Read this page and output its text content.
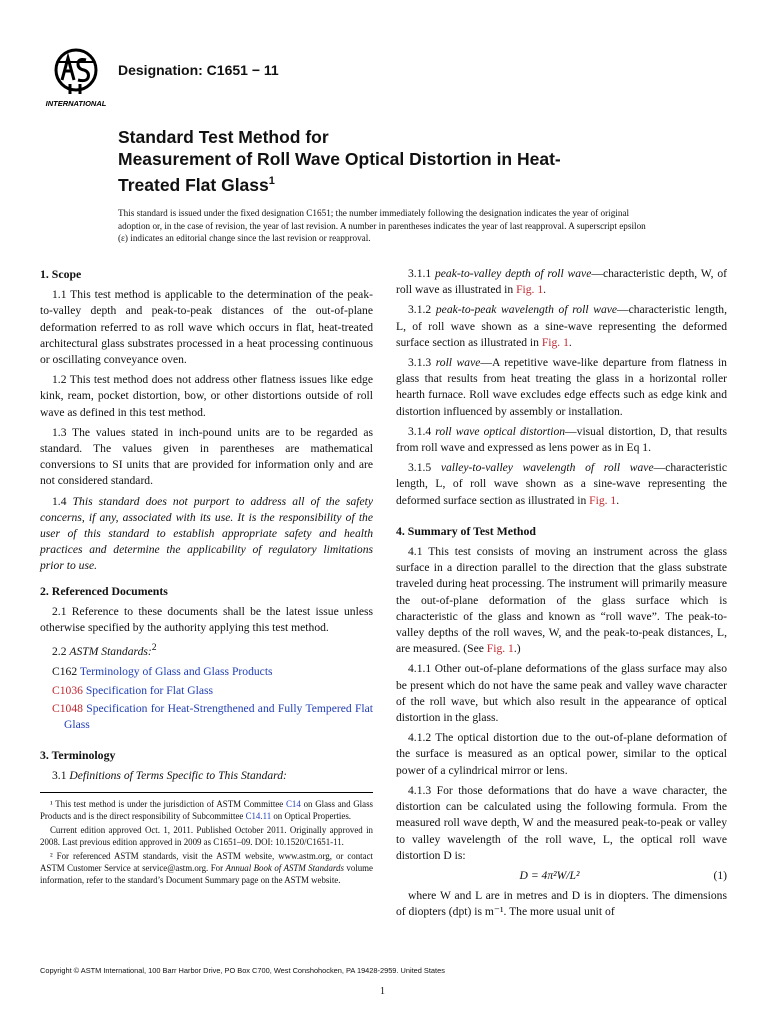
INTERNATIONAL
Designation: C1651 − 11
Standard Test Method for
Measurement of Roll Wave Optical Distortion in Heat-
Treated Flat Glass$^1$
This standard is issued under the fixed designation C1651; the number immediately following the designation indicates the year of original adoption or, in the case of revision, the year of last revision. A number in parentheses indicates the year of last reapproval. A superscript epsilon (ε) indicates an editorial change since the last revision or reapproval.
1. Scope

1.1 This test method is applicable to the determination of the peak-to-valley depth and peak-to-peak distances of the out-of-plane deformation referred to as roll wave which occurs in flat, heat-treated architectural glass substrates processed in a heat processing continuous or oscillating conveyance oven.

1.2 This test method does not address other flatness issues like edge kink, ream, pocket distortion, bow, or other distortions outside of roll wave as defined in this test method.

1.3 The values stated in inch-pound units are to be regarded as standard. The values given in parentheses are mathematical conversions to SI units that are provided for information only and are not considered standard.

1.4 This standard does not purport to address all of the safety concerns, if any, associated with its use. It is the responsibility of the user of this standard to establish appropriate safety and health practices and determine the applicability of regulatory limitations prior to use.

2. Referenced Documents

2.1 Reference to these documents shall be the latest issue unless otherwise specified by the authority applying this test method.

2.2 ASTM Standards:$^2$

C162 Terminology of Glass and Glass Products
C1036 Specification for Flat Glass
C1048 Specification for Heat-Strengthened and Fully Tempered Flat Glass
3. Terminology

3.1 Definitions of Terms Specific to This Standard:

¹ This test method is under the jurisdiction of ASTM Committee C14 on Glass and Glass Products and is the direct responsibility of Subcommittee C14.11 on Optical Properties.

Current edition approved Oct. 1, 2011. Published October 2011. Originally approved in 2008. Last previous edition approved in 2009 as C1651–09. DOI: 10.1520/C1651-11.

² For referenced ASTM standards, visit the ASTM website, www.astm.org, or contact ASTM Customer Service at service@astm.org. For Annual Book of ASTM Standards volume information, refer to the standard’s Document Summary page on the ASTM website.

3.1.1 peak-to-valley depth of roll wave—characteristic depth, W, of roll wave as illustrated in Fig. 1.

3.1.2 peak-to-peak wavelength of roll wave—characteristic length, L, of roll wave shown as a sine-wave representing the deformed surface section as illustrated in Fig. 1.

3.1.3 roll wave—A repetitive wave-like departure from flatness in glass that results from heat treating the glass in a horizontal roller hearth furnace. Roll wave excludes edge effects such as edge kink and distortion influenced by assembly or installation.

3.1.4 roll wave optical distortion—visual distortion, D, that results from roll wave and expressed as lens power as in Eq 1.

3.1.5 valley-to-valley wavelength of roll wave—characteristic length, L, of roll wave shown as a sine-wave representing the deformed surface section as illustrated in Fig. 1.

4. Summary of Test Method

4.1 This test consists of moving an instrument across the glass surface in a direction parallel to the direction that the glass substrate traveled during heat processing. The instrument will primarily measure the out-of-plane deformation of the glass surface which is characteristic of the glass and known as “roll wave”. The peak-to-valley depths of the roll waves, W, and the peak-to-peak distances, L, are measured. (See Fig. 1.)

4.1.1 Other out-of-plane deformations of the glass surface may also be present which do not have the same peak and valley wave character of the roll wave, but which also result in the appearance of optical distortion in the glass.

4.1.2 The optical distortion due to the out-of-plane deformation of the surface is measured as an optical power, similar to the optical power of a cylindrical mirror or lens.

4.1.3 For those deformations that do have a wave character, the distortion can be calculated using the following formula. From the measured roll wave depth, W and the measured peak-to-peak or valley to valley wavelength of the roll wave, L, the optical roll wave distortion D is:

D = 4π²W/L²	(1)

where W and L are in metres and D is in diopters. The dimensions of diopters (dpt) is m⁻¹. The more usual unit of

Copyright © ASTM International, 100 Barr Harbor Drive, PO Box C700, West Conshohocken, PA 19428-2959. United States
1
